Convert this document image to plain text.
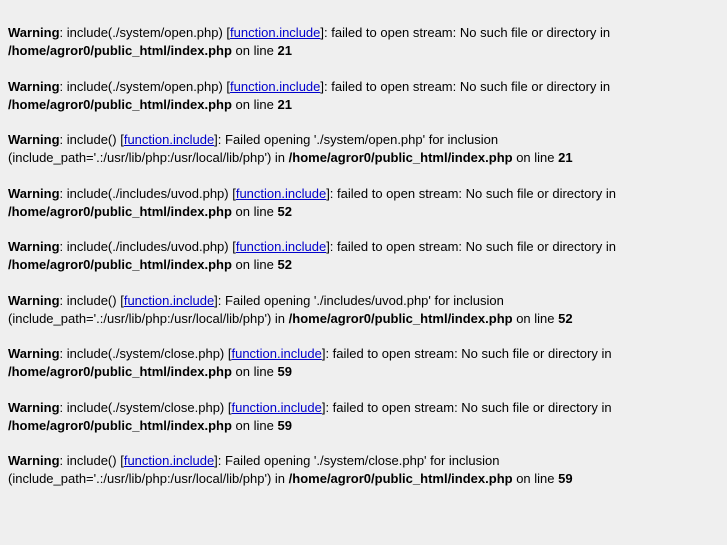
Warning: include(./system/open.php) [function.include]: failed to open stream: No such file or directory in /home/agror0/public_html/index.php on line 21
Warning: include(./system/open.php) [function.include]: failed to open stream: No such file or directory in /home/agror0/public_html/index.php on line 21
Warning: include() [function.include]: Failed opening './system/open.php' for inclusion (include_path='.:/usr/lib/php:/usr/local/lib/php') in /home/agror0/public_html/index.php on line 21
Warning: include(./includes/uvod.php) [function.include]: failed to open stream: No such file or directory in /home/agror0/public_html/index.php on line 52
Warning: include(./includes/uvod.php) [function.include]: failed to open stream: No such file or directory in /home/agror0/public_html/index.php on line 52
Warning: include() [function.include]: Failed opening './includes/uvod.php' for inclusion (include_path='.:/usr/lib/php:/usr/local/lib/php') in /home/agror0/public_html/index.php on line 52
Warning: include(./system/close.php) [function.include]: failed to open stream: No such file or directory in /home/agror0/public_html/index.php on line 59
Warning: include(./system/close.php) [function.include]: failed to open stream: No such file or directory in /home/agror0/public_html/index.php on line 59
Warning: include() [function.include]: Failed opening './system/close.php' for inclusion (include_path='.:/usr/lib/php:/usr/local/lib/php') in /home/agror0/public_html/index.php on line 59
